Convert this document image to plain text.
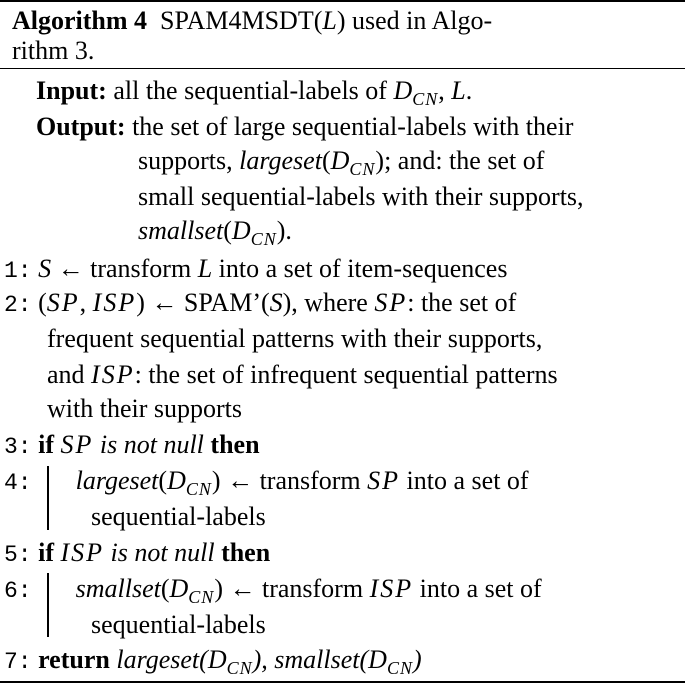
Algorithm 4 SPAM4MSDT(L) used in Algo-
rithm 3.
Input: all the sequential-labels of $D_{CN}$, L.
Output: the set of large sequential-labels with their
supports, $largeset(D_{CN})$; and: the set of
small sequential-labels with their supports,
$smallset(D_{CN})$.
1: S ← transform L into a set of item-sequences
2: (SP, ISP) ← SPAM’(S), where SP: the set of
frequent sequential patterns with their supports,
and ISP: the set of infrequent sequential patterns
with their supports
3: if SP is not null then
4: $largeset(D_{CN})$ ← transform SP into a set of
sequential-labels
5: if ISP is not null then
6: $smallset(D_{CN})$ ← transform ISP into a set of
sequential-labels
7: return $largeset(D_{CN})$, $smallset(D_{CN})$
